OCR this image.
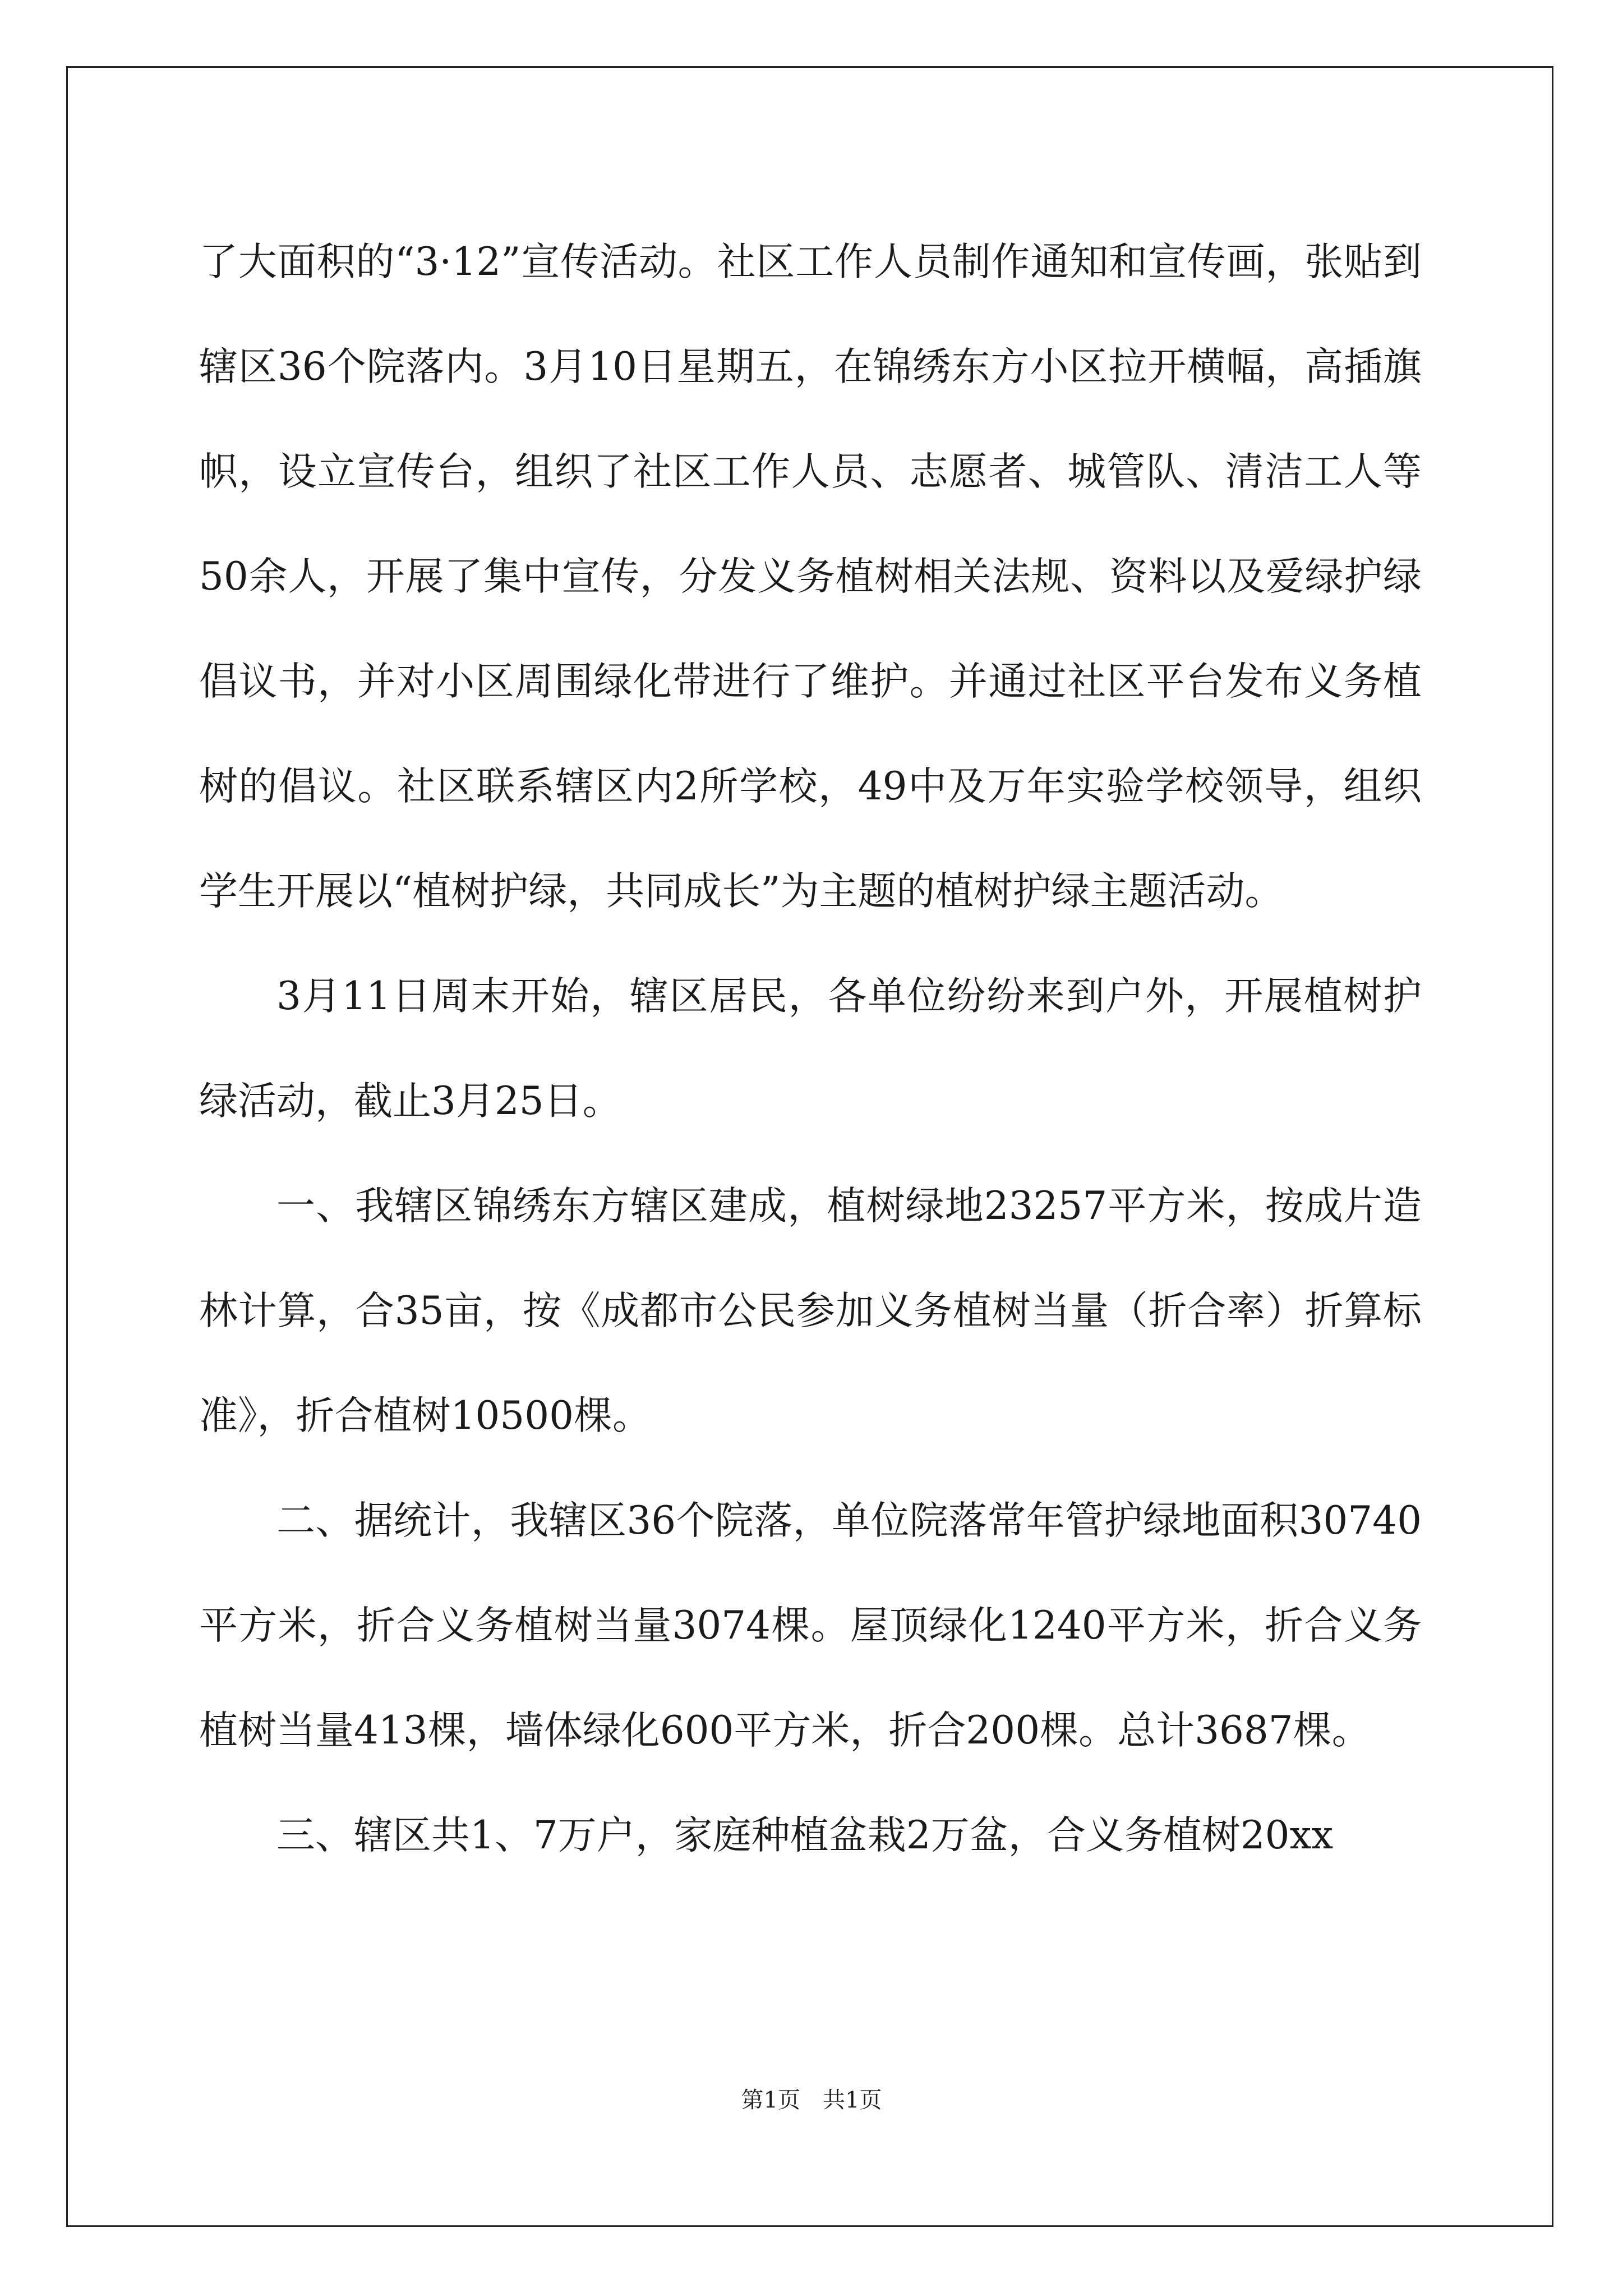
了大面积的“3·12”宣传活动。社区工作人员制作通知和宣传画，张贴到辖区36个院落内。3月10日星期五，在锦绣东方小区拉开横幅，高插旗帜，设立宣传台，组织了社区工作人员、志愿者、城管队、清洁工人等50余人，开展了集中宣传，分发义务植树相关法规、资料以及爱绿护绿倡议书，并对小区周围绿化带进行了维护。并通过社区平台发布义务植树的倡议。社区联系辖区内2所学校，49中及万年实验学校领导，组织学生开展以“植树护绿，共同成长”为主题的植树护绿主题活动。

3月11日周末开始，辖区居民，各单位纷纷来到户外，开展植树护绿活动，截止3月25日。

一、我辖区锦绣东方辖区建成，植树绿地23257平方米，按成片造林计算，合35亩，按《成都市公民参加义务植树当量（折合率）折算标准》，折合植树10500棵。

二、据统计，我辖区36个院落，单位院落常年管护绿地面积30740平方米，折合义务植树当量3074棵。屋顶绿化1240平方米，折合义务植树当量413棵，墙体绿化600平方米，折合200棵。总计3687棵。

三、辖区共1、7万户，家庭种植盆栽2万盆，合义务植树20xx

第1页 共1页
